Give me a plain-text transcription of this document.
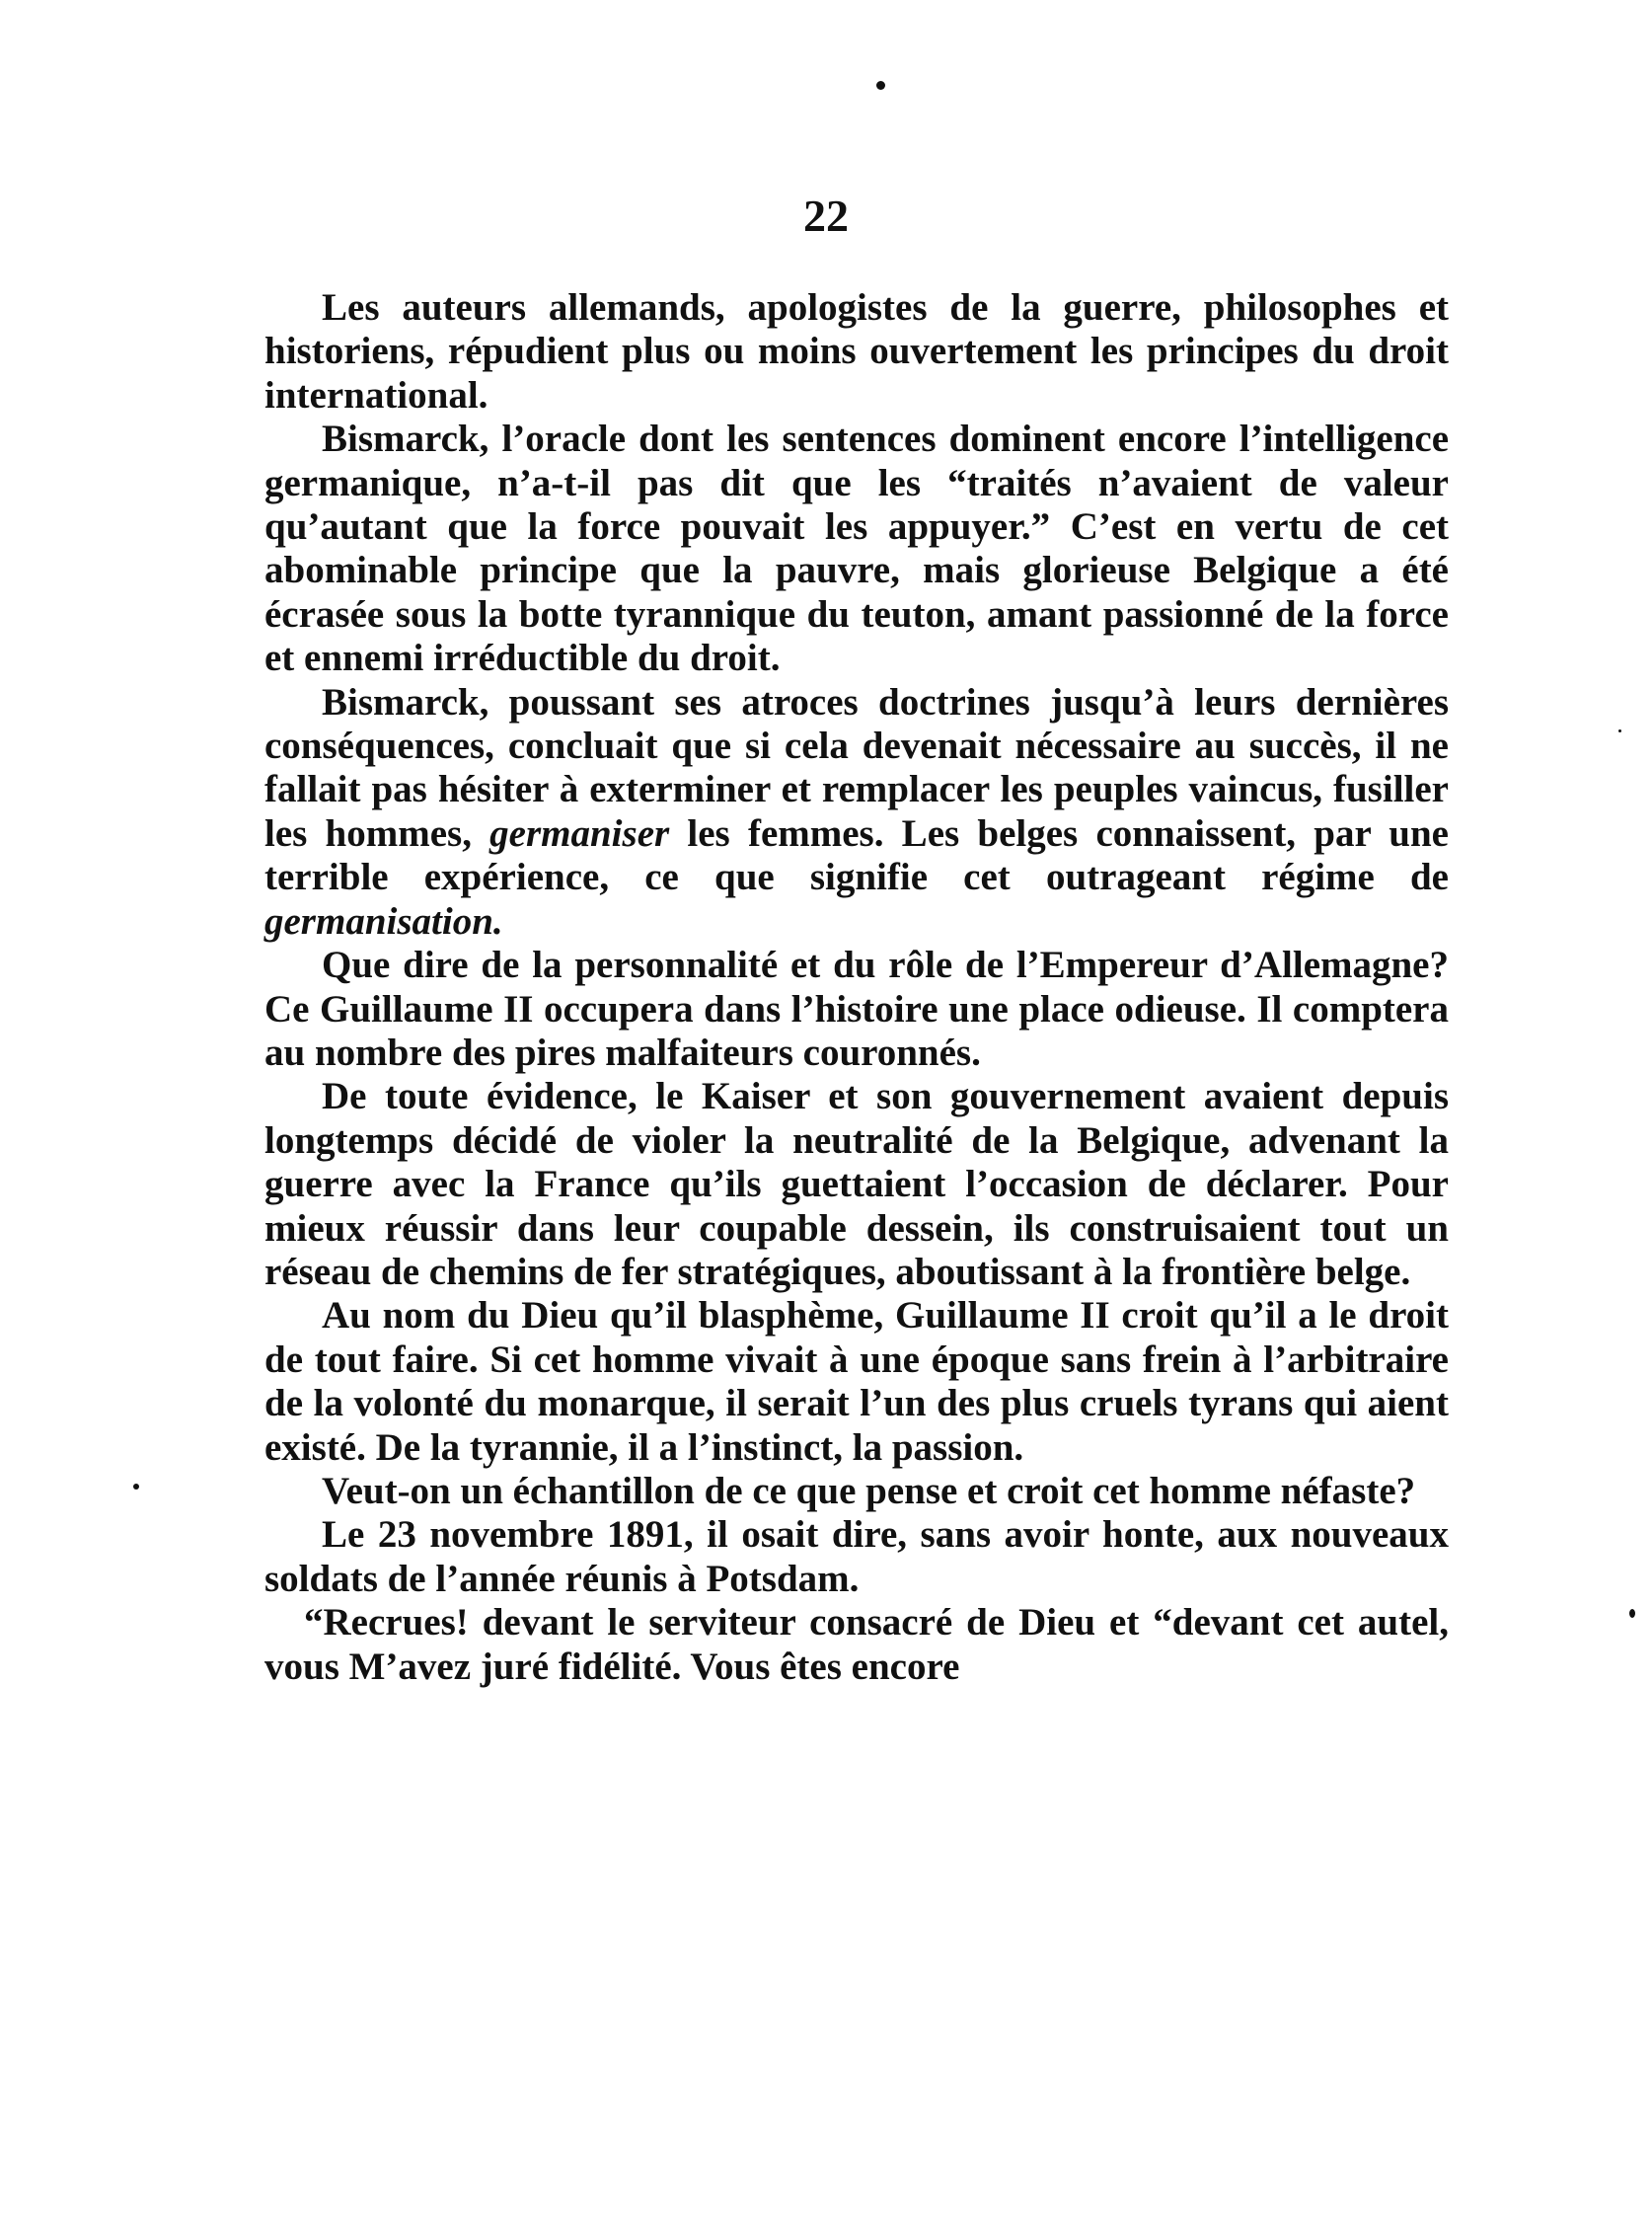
22

Les auteurs allemands, apologistes de la guerre, philosophes et historiens, répudient plus ou moins ouvertement les principes du droit international.

Bismarck, l’oracle dont les sentences dominent encore l’intelligence germanique, n’a-t-il pas dit que les “traités n’avaient de valeur qu’autant que la force pouvait les appuyer.” C’est en vertu de cet abominable principe que la pauvre, mais glorieuse Belgique a été écrasée sous la botte tyrannique du teuton, amant passionné de la force et ennemi irréductible du droit.

Bismarck, poussant ses atroces doctrines jusqu’à leurs dernières conséquences, concluait que si cela devenait nécessaire au succès, il ne fallait pas hésiter à exterminer et remplacer les peuples vaincus, fusiller les hommes, germaniser les femmes. Les belges connaissent, par une terrible expérience, ce que signifie cet outrageant régime de germanisation.

Que dire de la personnalité et du rôle de l’Empereur d’Allemagne? Ce Guillaume II occupera dans l’histoire une place odieuse. Il comptera au nombre des pires malfaiteurs couronnés.

De toute évidence, le Kaiser et son gouvernement avaient depuis longtemps décidé de violer la neutralité de la Belgique, advenant la guerre avec la France qu’ils guettaient l’occasion de déclarer. Pour mieux réussir dans leur coupable dessein, ils construisaient tout un réseau de chemins de fer stratégiques, aboutissant à la frontière belge.

Au nom du Dieu qu’il blasphème, Guillaume II croit qu’il a le droit de tout faire. Si cet homme vivait à une époque sans frein à l’arbitraire de la volonté du monarque, il serait l’un des plus cruels tyrans qui aient existé. De la tyrannie, il a l’instinct, la passion.

Veut-on un échantillon de ce que pense et croit cet homme néfaste?

Le 23 novembre 1891, il osait dire, sans avoir honte, aux nouveaux soldats de l’année réunis à Potsdam.

“Recrues! devant le serviteur consacré de Dieu et “devant cet autel, vous M’avez juré fidélité. Vous êtes encore
